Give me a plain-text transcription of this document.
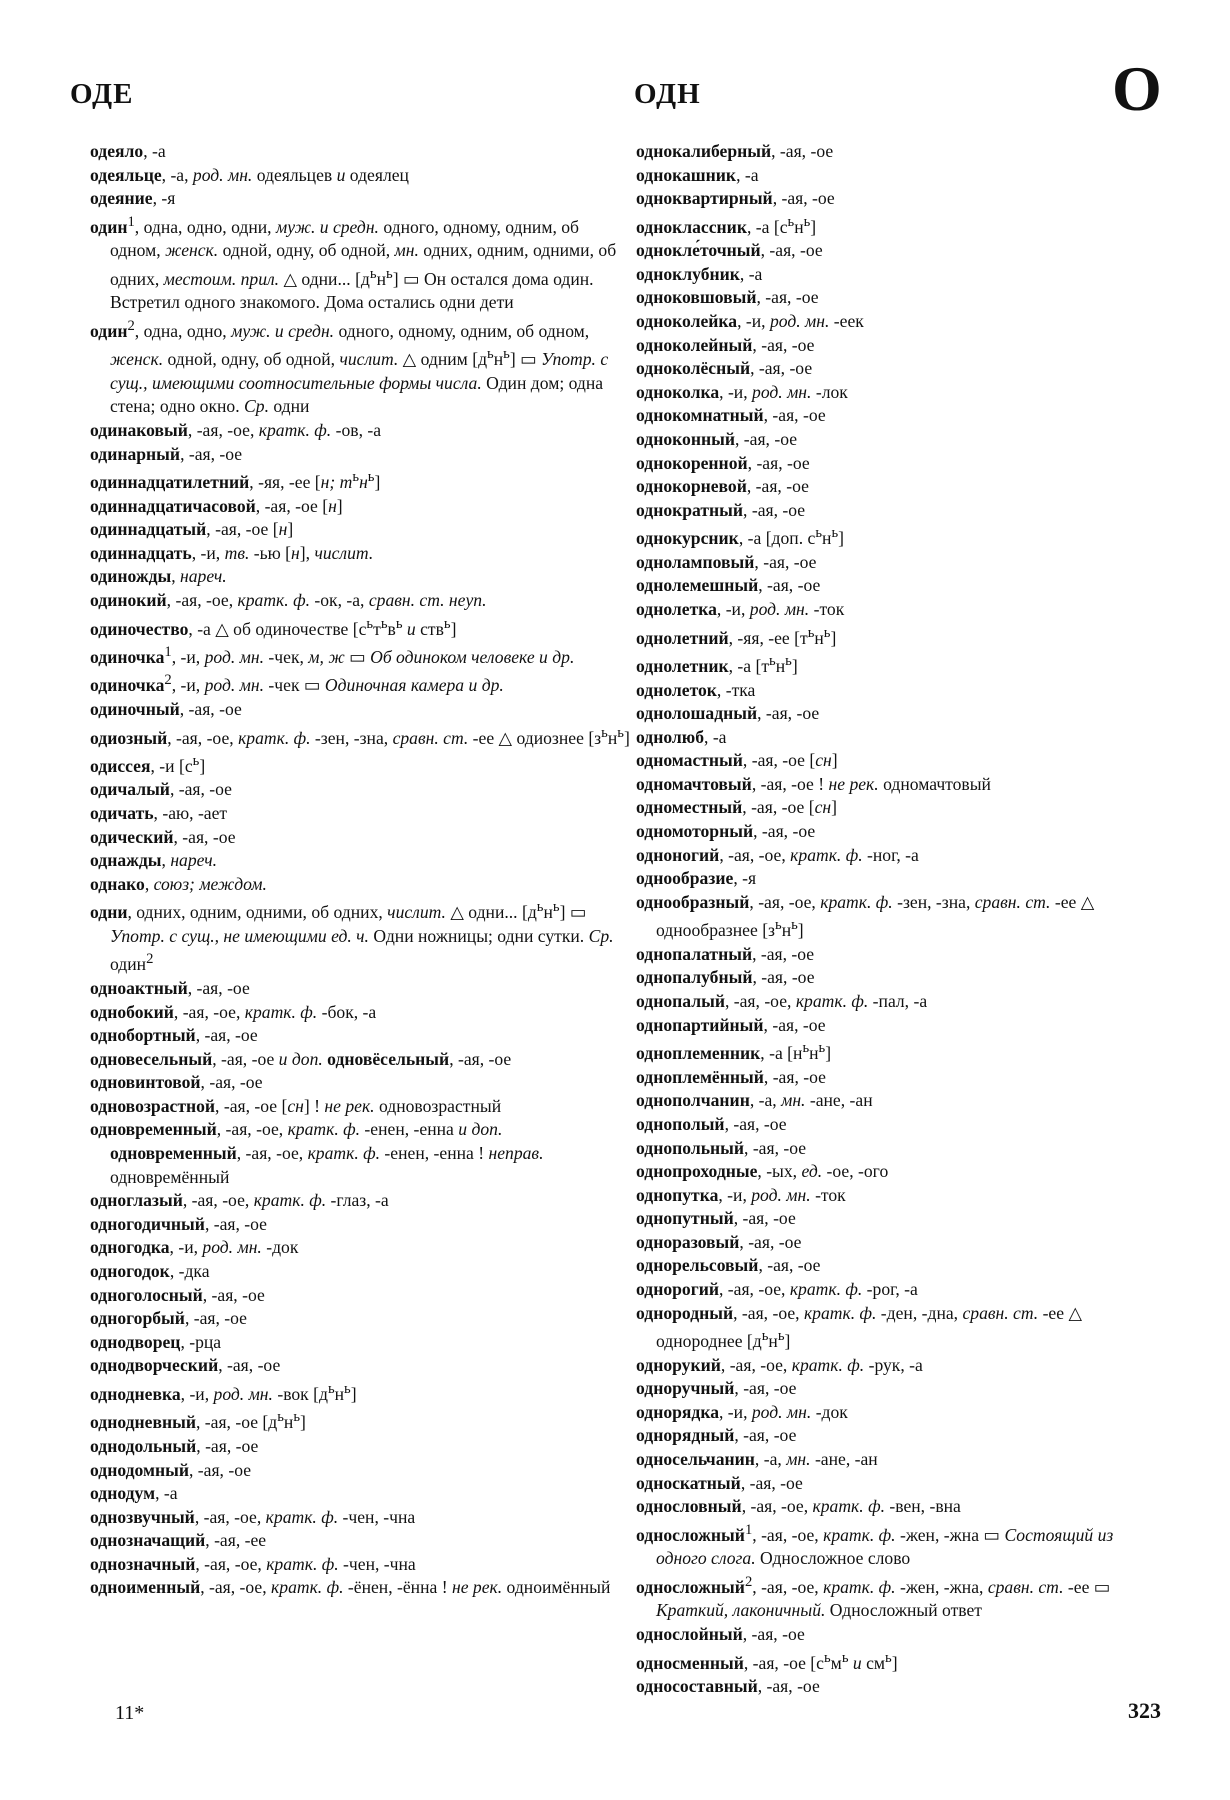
ОДЕ	ОДН	О

одеяло, -а

одеяльце, -а, род. мн. одеяльцев и одеялец

одеяние, -я

один$^1$, одна, одно, одни, муж. и средн. одного, одному, одним, об одном, женск. одной, одну, об одной, мн. одних, одним, одними, об одних, местоим. прил. △ одни... $[д^ьн^ь]$ ▭ Он остался дома один. Встретил одного знакомого. Дома остались одни дети

один$^2$, одна, одно, муж. и средн. одного, одному, одним, об одном, женск. одной, одну, об одной, числит. △ одним $[д^ьн^ь]$ ▭ Употр. с сущ., имеющими соотносительные формы числа. Один дом; одна стена; одно окно. Ср. одни

одинаковый, -ая, -ое, кратк. ф. -ов, -а

одинарный, -ая, -ое

одиннадцатилетний, -яя, -ее [н; $т^ьн^ь$]

одиннадцатичасовой, -ая, -ое [н]

одиннадцатый, -ая, -ое [н]

одиннадцать, -и, тв. -ью [н], числит.

одиножды, нареч.

одинокий, -ая, -ое, кратк. ф. -ок, -а, сравн. ст. неуп.

одиночество, -а △ об одиночестве [$с^ьт^ьв^ь$ и ств$^ь$]

одиночка$^1$, -и, род. мн. -чек, м, ж ▭ Об одиноком человеке и др.

одиночка$^2$, -и, род. мн. -чек ▭ Одиночная камера и др.

одиночный, -ая, -ое

одиозный, -ая, -ое, кратк. ф. -зен, -зна, сравн. ст. -ее △ одиознее $[з^ьн^ь]$

одиссея, -и $[с^ь]$

одичалый, -ая, -ое

одичать, -аю, -ает

одический, -ая, -ое

однажды, нареч.

однако, союз; междом.

одни, одних, одним, одними, об одних, числит. △ одни... $[д^ьн^ь]$ ▭ Употр. с сущ., не имеющими ед. ч. Одни ножницы; одни сутки. Ср. один$^2$

одноактный, -ая, -ое

однобокий, -ая, -ое, кратк. ф. -бок, -а

однобортный, -ая, -ое

одновесельный, -ая, -ое и доп. одновёсельный, -ая, -ое

одновинтовой, -ая, -ое

одновозрастной, -ая, -ое [сн] ! не рек. одновозрастный

одновременный, -ая, -ое, кратк. ф. -енен, -енна и доп. одновременный, -ая, -ое, кратк. ф. -енен, -енна ! неправ. одновремённый

одноглазый, -ая, -ое, кратк. ф. -глаз, -а

одногодичный, -ая, -ое

одногодка, -и, род. мн. -док

одногодок, -дка

одноголосный, -ая, -ое

одногорбый, -ая, -ое

однодворец, -рца

однодворческий, -ая, -ое

однодневка, -и, род. мн. -вок $[д^ьн^ь]$

однодневный, -ая, -ое $[д^ьн^ь]$

однодольный, -ая, -ое

однодомный, -ая, -ое

однодум, -а

однозвучный, -ая, -ое, кратк. ф. -чен, -чна

однозначащий, -ая, -ее

однозначный, -ая, -ое, кратк. ф. -чен, -чна

одноименный, -ая, -ое, кратк. ф. -ёнен, -ённа ! не рек. одноимённый

однокалиберный, -ая, -ое

однокашник, -а

одноквартирный, -ая, -ое

одноклассник, -а $[с^ьн^ь]$

однокле́точный, -ая, -ое

одноклубник, -а

одноковшовый, -ая, -ое

одноколейка, -и, род. мн. -еек

одноколейный, -ая, -ое

одноколёсный, -ая, -ое

одноколка, -и, род. мн. -лок

однокомнатный, -ая, -ое

одноконный, -ая, -ое

однокоренной, -ая, -ое

однокорневой, -ая, -ое

однократный, -ая, -ое

однокурсник, -а [доп. $с^ьн^ь$]

одноламповый, -ая, -ое

однолемешный, -ая, -ое

однолетка, -и, род. мн. -ток

однолетний, -яя, -ее $[т^ьн^ь]$

однолетник, -а $[т^ьн^ь]$

однолеток, -тка

однолошадный, -ая, -ое

однолюб, -а

одномастный, -ая, -ое [сн]

одномачтовый, -ая, -ое ! не рек. одномачтовый

одноместный, -ая, -ое [сн]

одномоторный, -ая, -ое

одноногий, -ая, -ое, кратк. ф. -ног, -а

однообразие, -я

однообразный, -ая, -ое, кратк. ф. -зен, -зна, сравн. ст. -ее △ однообразнее $[з^ьн^ь]$

однопалатный, -ая, -ое

однопалубный, -ая, -ое

однопалый, -ая, -ое, кратк. ф. -пал, -а

однопартийный, -ая, -ое

одноплеменник, -а $[н^ьн^ь]$

одноплемённый, -ая, -ое

однополчанин, -а, мн. -ане, -ан

однополый, -ая, -ое

однопольный, -ая, -ое

однопроходные, -ых, ед. -ое, -ого

однопутка, -и, род. мн. -ток

однопутный, -ая, -ое

одноразовый, -ая, -ое

однорельсовый, -ая, -ое

однорогий, -ая, -ое, кратк. ф. -рог, -а

однородный, -ая, -ое, кратк. ф. -ден, -дна, сравн. ст. -ее △ однороднее $[д^ьн^ь]$

однорукий, -ая, -ое, кратк. ф. -рук, -а

одноручный, -ая, -ое

однорядка, -и, род. мн. -док

однорядный, -ая, -ое

односельчанин, -а, мн. -ане, -ан

односкатный, -ая, -ое

однословный, -ая, -ое, кратк. ф. -вен, -вна

односложный$^1$, -ая, -ое, кратк. ф. -жен, -жна ▭ Состоящий из одного слога. Односложное слово

односложный$^2$, -ая, -ое, кратк. ф. -жен, -жна, сравн. ст. -ее ▭ Краткий, лаконичный. Односложный ответ

однослойный, -ая, -ое

односменный, -ая, -ое [$с^ьм^ь$ и $см^ь$]

односоставный, -ая, -ое

11*	323
